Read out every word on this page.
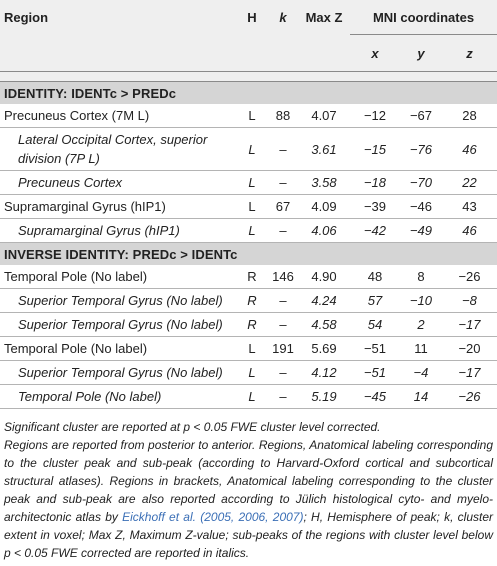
Region	H	k	Max Z	MNI coordinates		
				x	y	z

IDENTITY: IDENTc > PREDc						
Precuneus Cortex (7M L)	L	88	4.07	−12	−67	28
Lateral Occipital Cortex, superior division (7P L)	L	–	3.61	−15	−76	46
Precuneus Cortex	L	–	3.58	−18	−70	22
Supramarginal Gyrus (hIP1)	L	67	4.09	−39	−46	43
Supramarginal Gyrus (hIP1)	L	–	4.06	−42	−49	46
INVERSE IDENTITY: PREDc > IDENTc						
Temporal Pole (No label)	R	146	4.90	48	8	−26
Superior Temporal Gyrus (No label)	R	–	4.24	57	−10	−8
Superior Temporal Gyrus (No label)	R	–	4.58	54	2	−17
Temporal Pole (No label)	L	191	5.69	−51	11	−20
Superior Temporal Gyrus (No label)	L	–	4.12	−51	−4	−17
Temporal Pole (No label)	L	–	5.19	−45	14	−26

Significant cluster are reported at p < 0.05 FWE cluster level corrected.

Regions are reported from posterior to anterior. Regions, Anatomical labeling corresponding to the cluster peak and sub-peak (according to Harvard-Oxford cortical and subcortical structural atlases). Regions in brackets, Anatomical labeling corresponding to the cluster peak and sub-peak are also reported according to Jülich histological cyto- and myelo-architectonic atlas by Eickhoff et al. (2005, 2006, 2007); H, Hemisphere of peak; k, cluster extent in voxel; Max Z, Maximum Z-value; sub-peaks of the regions with cluster level below p < 0.05 FWE corrected are reported in italics.
